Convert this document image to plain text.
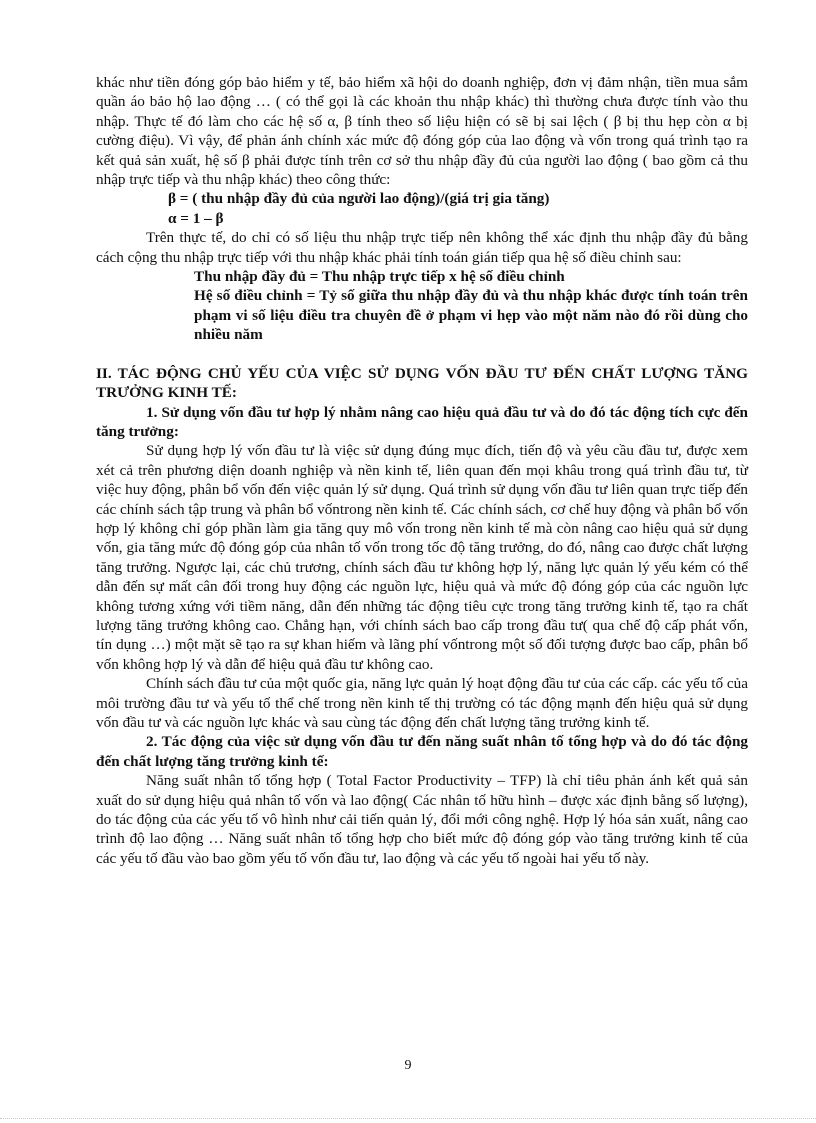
khác như tiền đóng góp bảo hiểm y tế, bảo hiểm xã hội do doanh nghiệp, đơn vị đảm nhận, tiền mua sắm quần áo bảo hộ lao động … ( có thể gọi là các khoản thu nhập khác) thì thường chưa được tính vào thu nhập. Thực tế đó làm cho các hệ số α, β tính theo số liệu hiện có sẽ bị sai lệch ( β bị thu hẹp còn α bị cường điệu). Vì vậy, để phản ánh chính xác mức độ đóng góp của lao động và vốn trong quá trình tạo ra kết quả sản xuất, hệ số β phải được tính trên cơ sở thu nhập đầy đủ của người lao động ( bao gồm cả thu nhập trực tiếp và thu nhập khác) theo công thức:

β = ( thu nhập đầy đủ của người lao động)/(giá trị gia tăng)

α = 1 – β

Trên thực tế, do chỉ có số liệu thu nhập trực tiếp nên không thể xác định thu nhập đầy đủ bằng cách cộng thu nhập trực tiếp với thu nhập khác phải tính toán gián tiếp qua hệ số điều chỉnh sau:

Thu nhập đầy đủ = Thu nhập trực tiếp x hệ số điều chỉnh

Hệ số điều chỉnh = Tỷ số giữa thu nhập đầy đủ và thu nhập khác được tính toán trên phạm vi số liệu điều tra chuyên đề ở phạm vi hẹp vào một năm nào đó rồi dùng cho nhiều năm

II. TÁC ĐỘNG CHỦ YẾU CỦA VIỆC SỬ DỤNG VỐN ĐẦU TƯ ĐẾN CHẤT LƯỢNG TĂNG TRƯỞNG KINH TẾ:

1. Sử dụng vốn đầu tư hợp lý nhằm nâng cao hiệu quả đầu tư và do đó tác động tích cực đến tăng trưởng:

Sử dụng hợp lý vốn đầu tư là việc sử dụng đúng mục đích, tiến độ và yêu cầu đầu tư, được xem xét cả trên phương diện doanh nghiệp và nền kinh tế, liên quan đến mọi khâu trong quá trình đầu tư, từ việc huy động, phân bổ vốn đến việc quản lý sử dụng. Quá trình sử dụng vốn đầu tư liên quan trực tiếp đến các chính sách tập trung và phân bổ vốntrong nền kinh tế. Các chính sách, cơ chế huy động và phân bổ vốn hợp lý không chỉ góp phần làm gia tăng quy mô vốn trong nền kinh tế mà còn nâng cao hiệu quả sử dụng vốn, gia tăng mức độ đóng góp của nhân tố vốn trong tốc độ tăng trưởng, do đó, nâng cao được chất lượng tăng trưởng. Ngược lại, các chủ trương, chính sách đầu tư không hợp lý, năng lực quản lý yếu kém có thể dẫn đến sự mất cân đối trong huy động các nguồn lực, hiệu quả và mức độ đóng góp của các nguồn lực không tương xứng với tiềm năng, dẫn đến những tác động tiêu cực trong tăng trưởng kinh tế, tạo ra chất lượng tăng trưởng không cao. Chẳng hạn, với chính sách bao cấp trong đầu tư( qua chế độ cấp phát vốn, tín dụng …) một mặt sẽ tạo ra sự khan hiếm và lãng phí vốntrong một số đối tượng được bao cấp, phân bổ vốn không hợp lý và dẫn để hiệu quả đầu tư không cao.

Chính sách đầu tư của một quốc gia, năng lực quản lý hoạt động đầu tư của các cấp. các yếu tố của môi trường đầu tư và yếu tố thể chế trong nền kinh tế thị trường có tác động mạnh đến hiệu quả sử dụng vốn đầu tư và các nguồn lực khác và sau cùng tác động đến chất lượng tăng trưởng kinh tế.

2. Tác động của việc sử dụng vốn đầu tư đến năng suất nhân tố tổng hợp và do đó tác động đến chất lượng tăng trưởng kinh tế:

Năng suất nhân tố tổng hợp ( Total Factor Productivity – TFP) là chỉ tiêu phản ánh kết quả sản xuất do sử dụng hiệu quả nhân tố vốn và lao động( Các nhân tố hữu hình – được xác định bằng số lượng), do tác động của các yếu tố vô hình như cải tiến quản lý, đổi mới công nghệ. Hợp lý hóa sản xuất, nâng cao trình độ lao động … Năng suất nhân tố tổng hợp cho biết mức độ đóng góp vào tăng trưởng kinh tế của các yếu tố đầu vào bao gồm yếu tố vốn đầu tư, lao động và các yếu tố ngoài hai yếu tố này.

9
